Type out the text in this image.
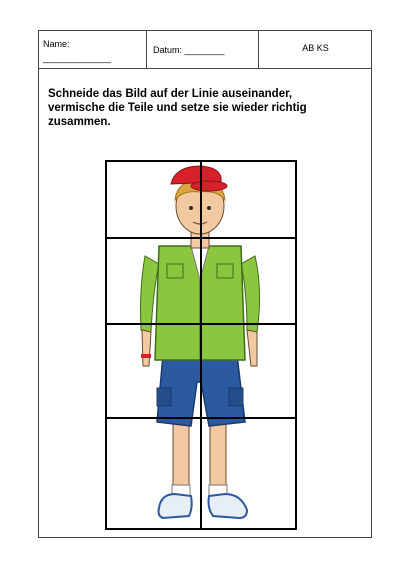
Name:
_______________
Datum: ________	AB KS
Schneide das Bild auf der Linie auseinander, vermische die Teile und setze sie wieder richtig zusammen.
